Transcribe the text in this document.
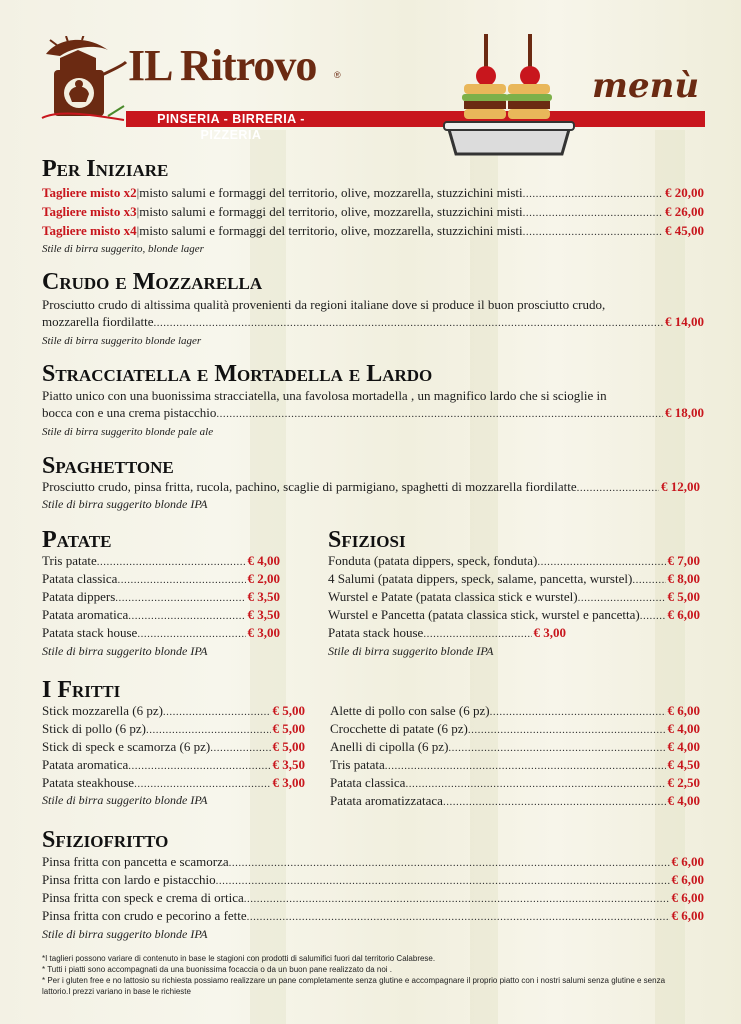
IL Ritrovo ®
PINSERIA - BIRRERIA - PIZZERIA
menù
Per Iniziare
Tagliere misto x2 | misto salumi e formaggi del territorio, olive, mozzarella, stuzzichini misti .....	€ 20,00
Tagliere misto x3 | misto salumi e formaggi del territorio, olive, mozzarella, stuzzichini misti .....	€ 26,00
Tagliere misto x4 | misto salumi e formaggi del territorio, olive, mozzarella, stuzzichini misti .....	€ 45,00
Stile di birra suggerito, blonde lager
Crudo e Mozzarella
Prosciutto crudo di altissima qualità provenienti da regioni italiane dove si produce il buon prosciutto crudo,
mozzarella fiordilatte .....	€ 14,00
Stile di birra suggerito blonde lager
Stracciatella e Mortadella e Lardo
Piatto unico con una buonissima stracciatella, una favolosa mortadella , un magnifico lardo che si scioglie in
bocca con e una crema pistacchio .....	€ 18,00
Stile di birra suggerito blonde pale ale
Spaghettone
Prosciutto crudo, pinsa fritta, rucola, pachino, scaglie di parmigiano, spaghetti di mozzarella fiordilatte .....	€ 12,00
Stile di birra suggerito blonde IPA
Patate
Tris patate .....	€ 4,00
Patata classica .....	€ 2,00
Patata dippers .....	€ 3,50
Patata aromatica .....	€ 3,50
Patata stack house .....	€ 3,00
Stile di birra suggerito blonde IPA
Sfiziosi
Fonduta (patata dippers, speck, fonduta) .....	€ 7,00
4 Salumi (patata dippers, speck, salame, pancetta, wurstel) .....	€ 8,00
Wurstel e Patate (patata classica stick e wurstel) .....	€ 5,00
Wurstel e Pancetta (patata classica stick, wurstel e pancetta) ..... € 6,00
Patata stack house .....	€ 3,00
Stile di birra suggerito blonde IPA
I Fritti
Stick mozzarella (6 pz) .....	€ 5,00
Stick di pollo (6 pz) .....	€ 5,00
Stick di speck e scamorza (6 pz) .....	€ 5,00
Patata aromatica .....	€ 3,50
Patata steakhouse .....	€ 3,00
Stile di birra suggerito blonde IPA
Alette di pollo con salse (6 pz) .....	€ 6,00
Crocchette di patate (6 pz) .....	€ 4,00
Anelli di cipolla (6 pz) .....	€ 4,00
Tris patata .....	€ 4,50
Patata classica .....	€ 2,50
Patata aromatizzataca .....	€ 4,00
Sfiziofritto
Pinsa fritta con pancetta e scamorza .....	€ 6,00
Pinsa fritta con lardo e pistacchio .....	€ 6,00
Pinsa fritta con speck e crema di ortica .....	€ 6,00
Pinsa fritta con crudo e pecorino a fette .....	€ 6,00
Stile di birra suggerito blonde IPA
*I taglieri possono variare di contenuto in base le stagioni con prodotti di salumifici fuori dal territorio Calabrese.
* Tutti i piatti sono accompagnati da una buonissima focaccia o da un buon pane realizzato da noi .
* Per i gluten free e no lattosio su richiesta possiamo realizzare un pane completamente senza glutine e accompagnare il proprio piatto con i nostri salumi senza glutine e senza
lattorio.I prezzi variano in base le richieste
